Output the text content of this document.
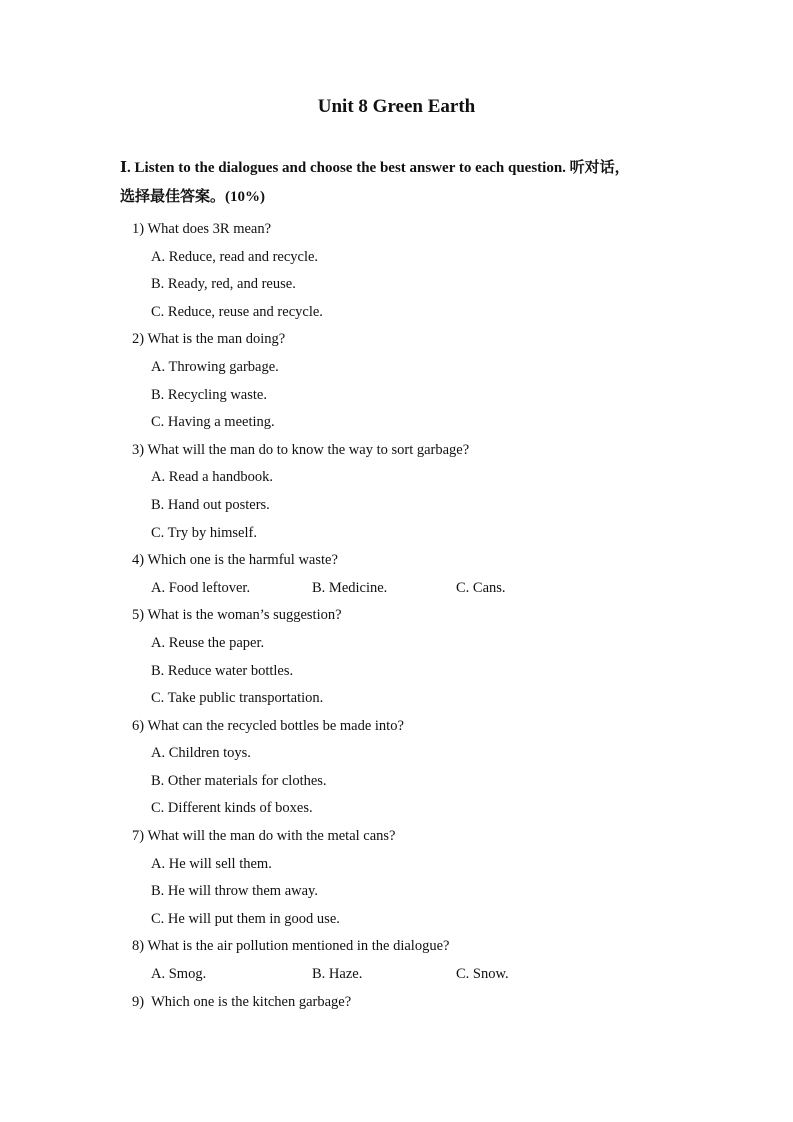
Unit 8 Green Earth
Ⅰ. Listen to the dialogues and choose the best answer to each question. 听对话，
选择最佳答案。(10%)
1) What does 3R mean?
A. Reduce, read and recycle.
B. Ready, red, and reuse.
C. Reduce, reuse and recycle.
2) What is the man doing?
A. Throwing garbage.
B. Recycling waste.
C. Having a meeting.
3) What will the man do to know the way to sort garbage?
A. Read a handbook.
B. Hand out posters.
C. Try by himself.
4) Which one is the harmful waste?
A. Food leftover.	B. Medicine.	C. Cans.
5) What is the woman’s suggestion?
A. Reuse the paper.
B. Reduce water bottles.
C. Take public transportation.
6) What can the recycled bottles be made into?
A. Children toys.
B. Other materials for clothes.
C. Different kinds of boxes.
7) What will the man do with the metal cans?
A. He will sell them.
B. He will throw them away.
C. He will put them in good use.
8) What is the air pollution mentioned in the dialogue?
A. Smog.	B. Haze.	C. Snow.
9)  Which one is the kitchen garbage?
